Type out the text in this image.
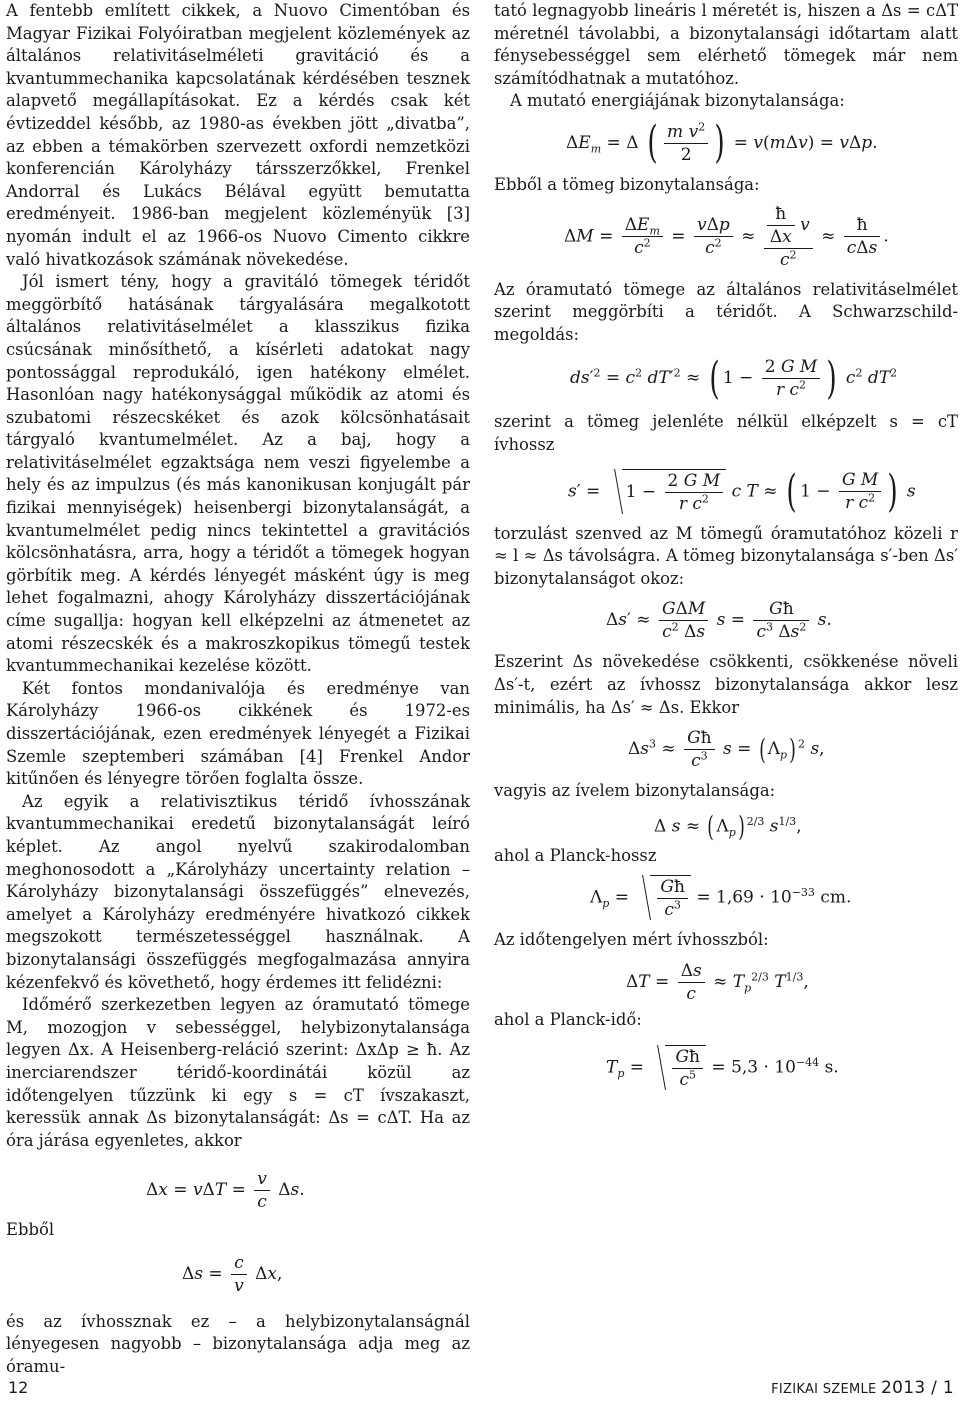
A fentebb említett cikkek, a Nuovo Cimentóban és Magyar Fizikai Folyóiratban megjelent közlemények az általános relativitáselméleti gravitáció és a kvantummechanika kapcsolatának kérdésében tesznek alapvető megállapításokat. Ez a kérdés csak két évtizeddel később, az 1980-as években jött „divatba”, az ebben a témakörben szervezett oxfordi nemzetközi konferencián Károlyházy társszerzőkkel, Frenkel Andorral és Lukács Bélával együtt bemutatta eredményeit. 1986-ban megjelent közleményük [3] nyomán indult el az 1966-os Nuovo Cimento cikkre való hivatkozások számának növekedése.

Jól ismert tény, hogy a gravitáló tömegek téridőt meggörbítő hatásának tárgyalására megalkotott általános relativitáselmélet a klasszikus fizika csúcsának minősíthető, a kísérleti adatokat nagy pontossággal reprodukáló, igen hatékony elmélet. Hasonlóan nagy hatékonysággal működik az atomi és szubatomi részecskéket és azok kölcsönhatásait tárgyaló kvantumelmélet. Az a baj, hogy a relativitáselmélet egzaktsága nem veszi figyelembe a hely és az impulzus (és más kanonikusan konjugált pár fizikai mennyiségek) heisenbergi bizonytalanságát, a kvantumelmélet pedig nincs tekintettel a gravitációs kölcsönhatásra, arra, hogy a téridőt a tömegek hogyan görbítik meg. A kérdés lényegét másként úgy is meg lehet fogalmazni, ahogy Károlyházy disszertációjának címe sugallja: hogyan kell elképzelni az átmenetet az atomi részecskék és a makroszkopikus tömegű testek kvantummechanikai kezelése között.

Két fontos mondanivalója és eredménye van Károlyházy 1966-os cikkének és 1972-es disszertációjának, ezen eredmények lényegét a Fizikai Szemle szeptemberi számában [4] Frenkel Andor kitűnően és lényegre törően foglalta össze.

Az egyik a relativisztikus téridő ívhosszának kvantummechanikai eredetű bizonytalanságát leíró képlet. Az angol nyelvű szakirodalomban meghonosodott a „Károlyházy uncertainty relation – Károlyházy bizonytalansági összefüggés” elnevezés, amelyet a Károlyházy eredményére hivatkozó cikkek megszokott természetességgel használnak. A bizonytalansági összefüggés megfogalmazása annyira kézenfekvő és követhető, hogy érdemes itt felidézni:

Időmérő szerkezetben legyen az óramutató tömege M, mozogjon v sebességgel, helybizonytalansága legyen Δx. A Heisenberg-reláció szerint: ΔxΔp ≥ ħ. Az inerciarendszer téridő-koordinátái közül az időtengelyen tűzzünk ki egy s = cT ívszakaszt, keressük annak Δs bizonytalanságát: Δs = cΔT. Ha az óra járása egyenletes, akkor

$\Delta x = v\Delta T = \frac{v}{c} \Delta s$.

Ebből

$\Delta s = \frac{c}{v} \Delta x$,

és az ívhossznak ez – a helybizonytalanságnál lényegesen nagyobb – bizonytalansága adja meg az óramu-

tató legnagyobb lineáris l méretét is, hiszen a Δs = cΔT méretnél távolabbi, a bizonytalansági időtartam alatt fénysebességgel sem elérhető tömegek már nem számítódhatnak a mutatóhoz.

A mutató energiájának bizonytalansága:

$\Delta E_m = \Delta$ ( $\frac{m v^2}{2}$ ) = v(mΔv) = vΔp.

Ebből a tömeg bizonytalansága:

$\Delta M = \frac{\Delta E_m}{c^2} = \frac{\text{vΔp}}{c^2} \approx \frac{\frac{ħ}{\Delta x} v}{c^2} \approx \frac{ħ}{\text{cΔs}}$ .

Az óramutató tömege az általános relativitáselmélet szerint meggörbíti a téridőt. A Schwarzschild-megoldás:

$ds'^2 = c^2$ $dT'^2$ ≈ ( $1 - \frac{\text{2 G M}}{r c^2}$ ) $c^2$ $dT^2$

szerint a tömeg jelenléte nélkül elképzelt s = cT ívhossz

$s' = 1 - \frac{\text{2 G M}}{r c^2}$ c T ≈ ( $1 - \frac{\text{G M}}{r c^2}$ ) s

torzulást szenved az M tömegű óramutatóhoz közeli r ≈ l ≈ Δs távolságra. A tömeg bizonytalansága s′-ben Δs′ bizonytalanságot okoz:

$\Delta s' \approx \frac{\text{GΔM}}{c^2 \Delta s}$ $s = \frac{Għ}{c^3 \Delta s^2} s$.

Eszerint Δs növekedése csökkenti, csökkenése növeli Δs′-t, ezért az ívhossz bizonytalansága akkor lesz minimális, ha Δs′ ≈ Δs. Ekkor

$\Delta s^3 \approx \frac{Għ}{c^3}$ s = ( $\Lambda_p$) $^2$ s,

vagyis az ívelem bizonytalansága:

Δ s ≈ ( $\Lambda_p$) $^{2/3}$ $s^{1/3}$,

ahol a Planck-hossz

$\Lambda_p = \frac{Għ}{c^3} = 1,69 \cdot 10^{-33}$ cm.

Az időtengelyen mért ívhosszból:

$\Delta T = \frac{\Delta s}{c} \approx T_p^{2/3}$ $T^{1/3}$,

ahol a Planck-idő:

$T_p = \frac{Għ}{c^5} = 5,3 \cdot 10^{-44}$ s.
12	FIZIKAI SZEMLE 2013 / 1
